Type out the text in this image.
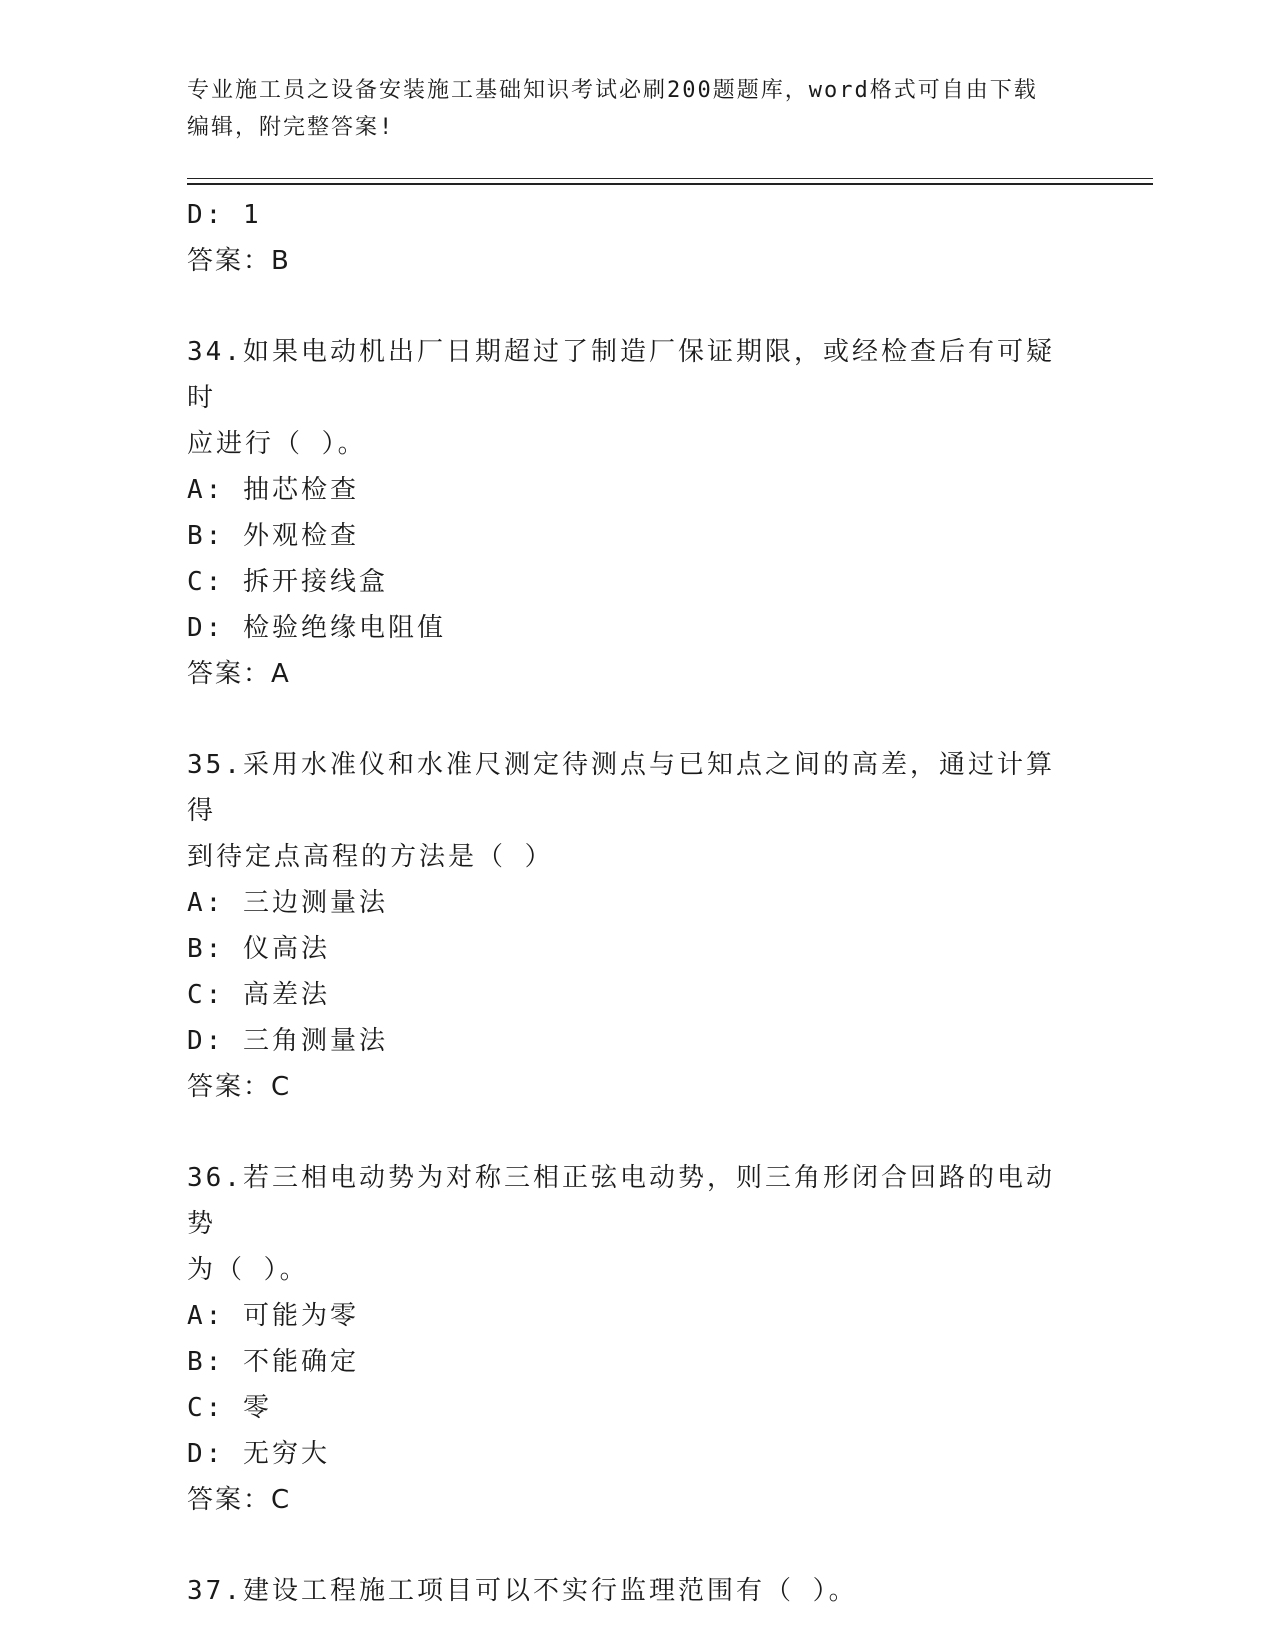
专业施工员之设备安装施工基础知识考试必刷200题题库，word格式可自由下载
编辑，附完整答案!
D: 1
答案：B
34.如果电动机出厂日期超过了制造厂保证期限，或经检查后有可疑时
应进行（ ）。
A: 抽芯检查
B: 外观检查
C: 拆开接线盒
D: 检验绝缘电阻值
答案：A
35.采用水准仪和水准尺测定待测点与已知点之间的高差，通过计算得
到待定点高程的方法是（ ）
A: 三边测量法
B: 仪高法
C: 高差法
D: 三角测量法
答案：C
36.若三相电动势为对称三相正弦电动势，则三角形闭合回路的电动势
为（ ）。
A: 可能为零
B: 不能确定
C: 零
D: 无穷大
答案：C
37.建设工程施工项目可以不实行监理范围有（ ）。
